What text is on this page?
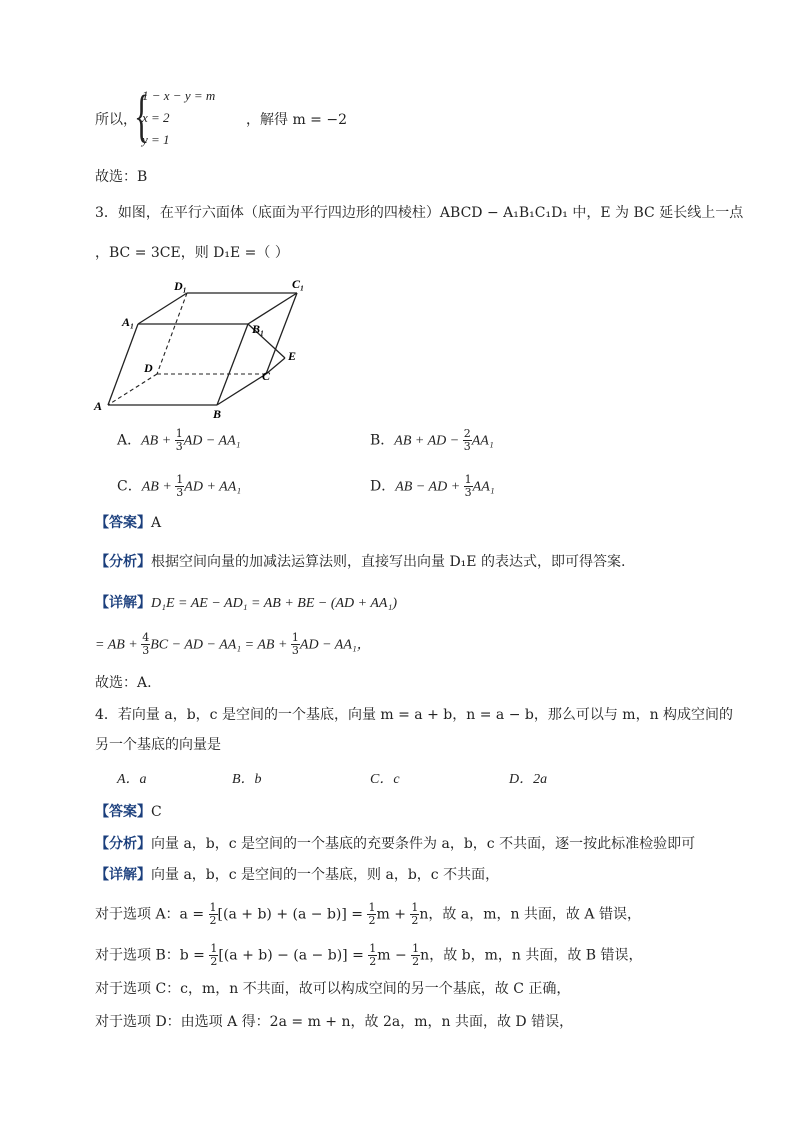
所以，
{
1 − x − y = m
x = 2
y = 1
，解得 m = −2
故选：B
3．如图，在平行六面体（底面为平行四边形的四棱柱）ABCD − A₁B₁C₁D₁ 中，E 为 BC 延长线上一点
，BC = 3CE，则 D₁E =（ ）
D₁	C₁
A₁	B₁
E
D
C
A
B
A．AB + $\frac{1}{3}$ AD − AA₁	B．AB + AD − $\frac{2}{3} AA_1$
C．AB + $\frac{1}{3}$ AD + AA₁	D．AB − AD + $\frac{1}{3} AA_1$
【答案】A
【分析】根据空间向量的加减法运算法则，直接写出向量 D₁E 的表达式，即可得答案.
【详解】D₁E = AE − AD₁ = AB + BE − (AD + AA₁)
= AB + $\frac{4}{3}$ BC − AD − AA₁ = AB + $\frac{1}{3}$ AD − AA₁，
故选：A.
4．若向量 a，b，c 是空间的一个基底，向量 m = a + b，n = a − b，那么可以与 m，n 构成空间的
另一个基底的向量是
A．a	B．b	C．c	D．2a
【答案】C
【分析】向量 a，b，c 是空间的一个基底的充要条件为 a，b，c 不共面，逐一按此标准检验即可
【详解】向量 a，b，c 是空间的一个基底，则 a，b，c 不共面，
对于选项 A：$a = \frac{1}{2} [(a + b) + (a - b)] = \frac{1}{2}$ $m + \frac{1}{2}$ n，故 a，m，n 共面，故 A 错误，
对于选项 B：$b = \frac{1}{2} [(a + b) - (a - b)] = \frac{1}{2}$ $m - \frac{1}{2}$ n，故 b，m，n 共面，故 B 错误，
对于选项 C：c，m，n 不共面，故可以构成空间的另一个基底，故 C 正确，
对于选项 D：由选项 A 得：2a = m + n，故 2a，m，n 共面，故 D 错误，
